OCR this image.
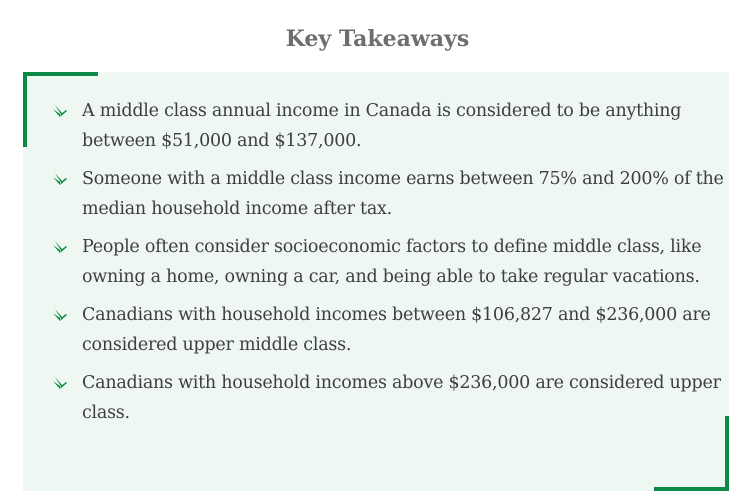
Key Takeaways
A middle class annual income in Canada is considered to be anything between $51,000 and $137,000.
Someone with a middle class income earns between 75% and 200% of the median household income after tax.
People often consider socioeconomic factors to define middle class, like owning a home, owning a car, and being able to take regular vacations.
Canadians with household incomes between $106,827 and $236,000 are considered upper middle class.
Canadians with household incomes above $236,000 are considered upper class.
